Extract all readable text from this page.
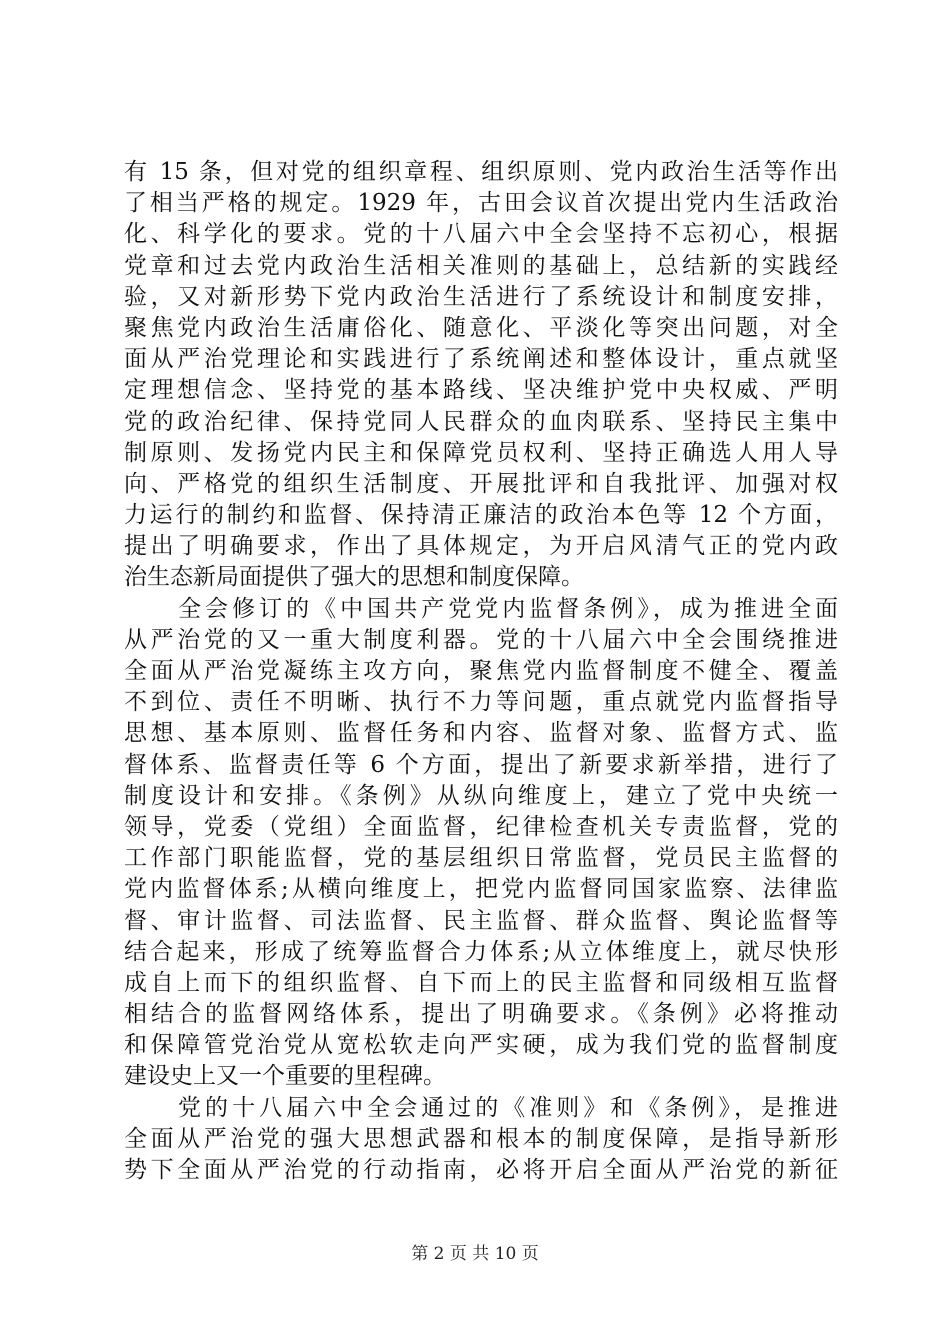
有 15 条，但对党的组织章程、组织原则、党内政治生活等作出
了相当严格的规定。1929 年，古田会议首次提出党内生活政治
化、科学化的要求。党的十八届六中全会坚持不忘初心，根据
党章和过去党内政治生活相关准则的基础上，总结新的实践经
验，又对新形势下党内政治生活进行了系统设计和制度安排，
聚焦党内政治生活庸俗化、随意化、平淡化等突出问题，对全
面从严治党理论和实践进行了系统阐述和整体设计，重点就坚
定理想信念、坚持党的基本路线、坚决维护党中央权威、严明
党的政治纪律、保持党同人民群众的血肉联系、坚持民主集中
制原则、发扬党内民主和保障党员权利、坚持正确选人用人导
向、严格党的组织生活制度、开展批评和自我批评、加强对权
力运行的制约和监督、保持清正廉洁的政治本色等 12 个方面，
提出了明确要求，作出了具体规定，为开启风清气正的党内政
治生态新局面提供了强大的思想和制度保障。
　　全会修订的《中国共产党党内监督条例》，成为推进全面
从严治党的又一重大制度利器。党的十八届六中全会围绕推进
全面从严治党凝练主攻方向，聚焦党内监督制度不健全、覆盖
不到位、责任不明晰、执行不力等问题，重点就党内监督指导
思想、基本原则、监督任务和内容、监督对象、监督方式、监
督体系、监督责任等 6 个方面，提出了新要求新举措，进行了
制度设计和安排。《条例》从纵向维度上，建立了党中央统一
领导，党委（党组）全面监督，纪律检查机关专责监督，党的
工作部门职能监督，党的基层组织日常监督，党员民主监督的
党内监督体系;从横向维度上，把党内监督同国家监察、法律监
督、审计监督、司法监督、民主监督、群众监督、舆论监督等
结合起来，形成了统筹监督合力体系;从立体维度上，就尽快形
成自上而下的组织监督、自下而上的民主监督和同级相互监督
相结合的监督网络体系，提出了明确要求。《条例》必将推动
和保障管党治党从宽松软走向严实硬，成为我们党的监督制度
建设史上又一个重要的里程碑。
　　党的十八届六中全会通过的《准则》和《条例》，是推进
全面从严治党的强大思想武器和根本的制度保障，是指导新形
势下全面从严治党的行动指南，必将开启全面从严治党的新征
第 2 页 共 10 页
